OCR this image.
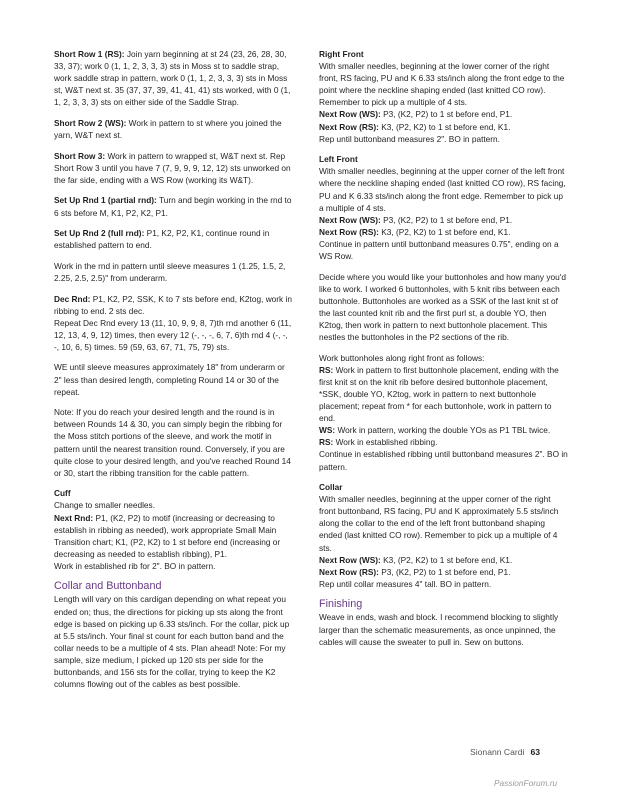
Short Row 1 (RS): Join yarn beginning at st 24 (23, 26, 28, 30, 33, 37); work 0 (1, 1, 2, 3, 3, 3) sts in Moss st to saddle strap, work saddle strap in pattern, work 0 (1, 1, 2, 3, 3, 3) sts in Moss st, W&T next st. 35 (37, 37, 39, 41, 41, 41) sts worked, with 0 (1, 1, 2, 3, 3, 3) sts on either side of the Saddle Strap.

Short Row 2 (WS): Work in pattern to st where you joined the yarn, W&T next st.

Short Row 3: Work in pattern to wrapped st, W&T next st. Rep Short Row 3 until you have 7 (7, 9, 9, 9, 12, 12) sts unworked on the far side, ending with a WS Row (working its W&T).

Set Up Rnd 1 (partial rnd): Turn and begin working in the rnd to 6 sts before M, K1, P2, K2, P1.

Set Up Rnd 2 (full rnd): P1, K2, P2, K1, continue round in established pattern to end.

Work in the rnd in pattern until sleeve measures 1 (1.25, 1.5, 2, 2.25, 2.5, 2.5)" from underarm.

Dec Rnd: P1, K2, P2, SSK, K to 7 sts before end, K2tog, work in ribbing to end. 2 sts dec.

Repeat Dec Rnd every 13 (11, 10, 9, 9, 8, 7)th rnd another 6 (11, 12, 13, 4, 9, 12) times, then every 12 (-, -, -, 6, 7, 6)th rnd 4 (-, -, -, 10, 6, 5) times. 59 (59, 63, 67, 71, 75, 79) sts.

WE until sleeve measures approximately 18" from underarm or 2" less than desired length, completing Round 14 or 30 of the repeat.

Note: If you do reach your desired length and the round is in between Rounds 14 & 30, you can simply begin the ribbing for the Moss stitch portions of the sleeve, and work the motif in pattern until the nearest transition round. Conversely, if you are quite close to your desired length, and you've reached Round 14 or 30, start the ribbing transition for the cable pattern.

Cuff

Change to smaller needles.

Next Rnd: P1, (K2, P2) to motif (increasing or decreasing to establish in ribbing as needed), work appropriate Small Main Transition chart; K1, (P2, K2) to 1 st before end (increasing or decreasing as needed to establish ribbing), P1.

Work in established rib for 2". BO in pattern.

Collar and Buttonband

Length will vary on this cardigan depending on what repeat you ended on; thus, the directions for picking up sts along the front edge is based on picking up 6.33 sts/inch. For the collar, pick up at 5.5 sts/inch. Your final st count for each button band and the collar needs to be a multiple of 4 sts. Plan ahead! Note: For my sample, size medium, I picked up 120 sts per side for the buttonbands, and 156 sts for the collar, trying to keep the K2 columns flowing out of the cables as best possible.

Right Front

With smaller needles, beginning at the lower corner of the right front, RS facing, PU and K 6.33 sts/inch along the front edge to the point where the neckline shaping ended (last knitted CO row). Remember to pick up a multiple of 4 sts.

Next Row (WS): P3, (K2, P2) to 1 st before end, P1.

Next Row (RS): K3, (P2, K2) to 1 st before end, K1.

Rep until buttonband measures 2". BO in pattern.

Left Front

With smaller needles, beginning at the upper corner of the left front where the neckline shaping ended (last knitted CO row), RS facing, PU and K 6.33 sts/inch along the front edge. Remember to pick up a multiple of 4 sts.

Next Row (WS): P3, (K2, P2) to 1 st before end, P1.

Next Row (RS): K3, (P2, K2) to 1 st before end, K1.

Continue in pattern until buttonband measures 0.75", ending on a WS Row.

Decide where you would like your buttonholes and how many you'd like to work. I worked 6 buttonholes, with 5 knit ribs between each buttonhole. Buttonholes are worked as a SSK of the last knit st of the last counted knit rib and the first purl st, a double YO, then K2tog, then work in pattern to next buttonhole placement. This nestles the buttonholes in the P2 sections of the rib.

Work buttonholes along right front as follows:

RS: Work in pattern to first buttonhole placement, ending with the first knit st on the knit rib before desired buttonhole placement, *SSK, double YO, K2tog, work in pattern to next buttonhole placement; repeat from * for each buttonhole, work in pattern to end.

WS: Work in pattern, working the double YOs as P1 TBL twice.

RS: Work in established ribbing.

Continue in established ribbing until buttonband measures 2". BO in pattern.

Collar

With smaller needles, beginning at the upper corner of the right front buttonband, RS facing, PU and K approximately 5.5 sts/inch along the collar to the end of the left front buttonband shaping ended (last knitted CO row). Remember to pick up a multiple of 4 sts.

Next Row (WS): K3, (P2, K2) to 1 st before end, K1.

Next Row (RS): P3, (K2, P2) to 1 st before end, P1.

Rep until collar measures 4" tall. BO in pattern.

Finishing

Weave in ends, wash and block. I recommend blocking to slightly larger than the schematic measurements, as once unpinned, the cables will cause the sweater to pull in. Sew on buttons.

Sionann Cardi 63
PassionForum.ru
